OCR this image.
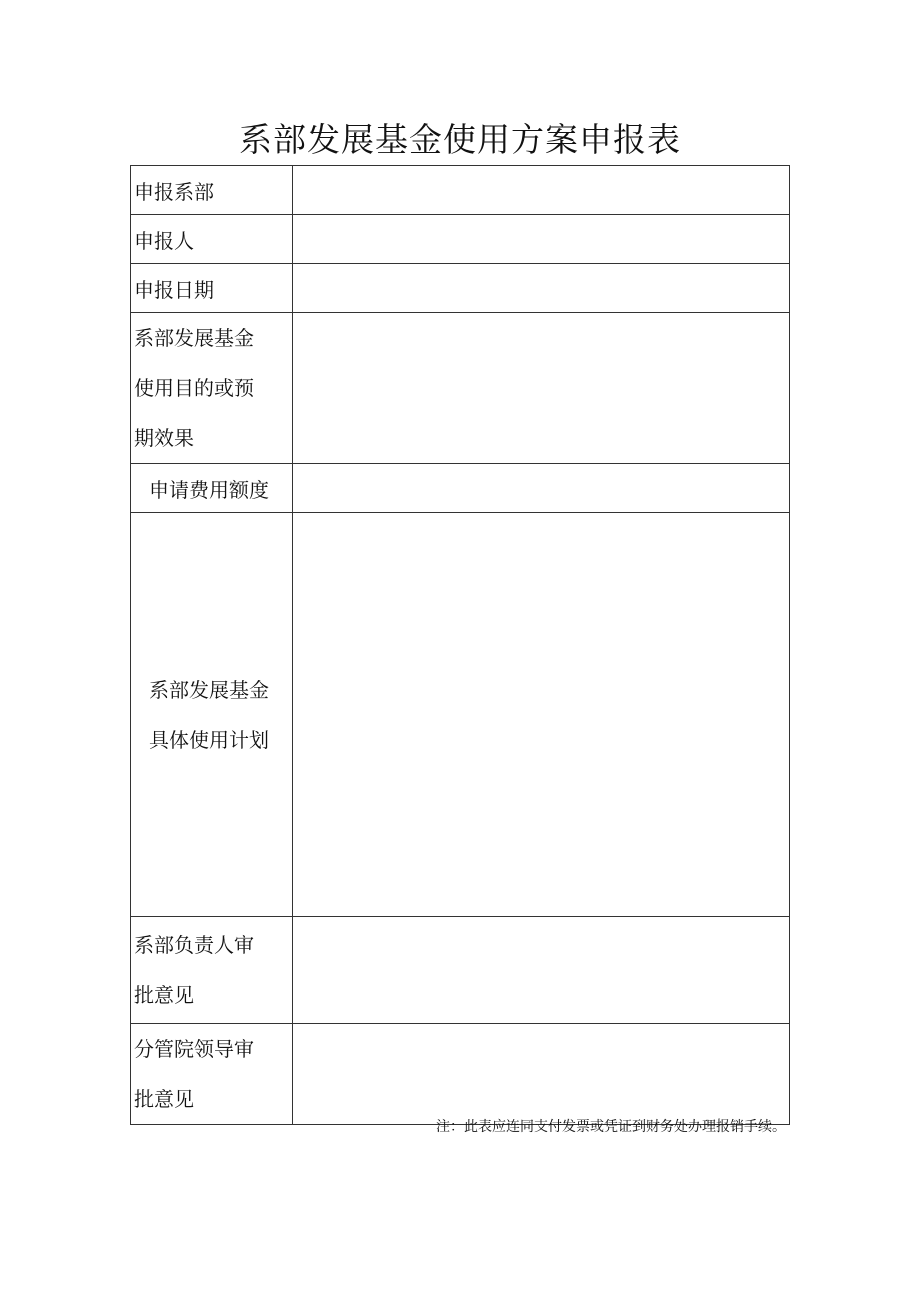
系部发展基金使用方案申报表
申报系部	

申报人	

申报日期	

系部发展基金
使用目的或预
期效果	

申请费用额度	

系部发展基金
具体使用计划	

系部负责人审
批意见	

分管院领导审
批意见	

注：此表应连同支付发票或凭证到财务处办理报销手续。
